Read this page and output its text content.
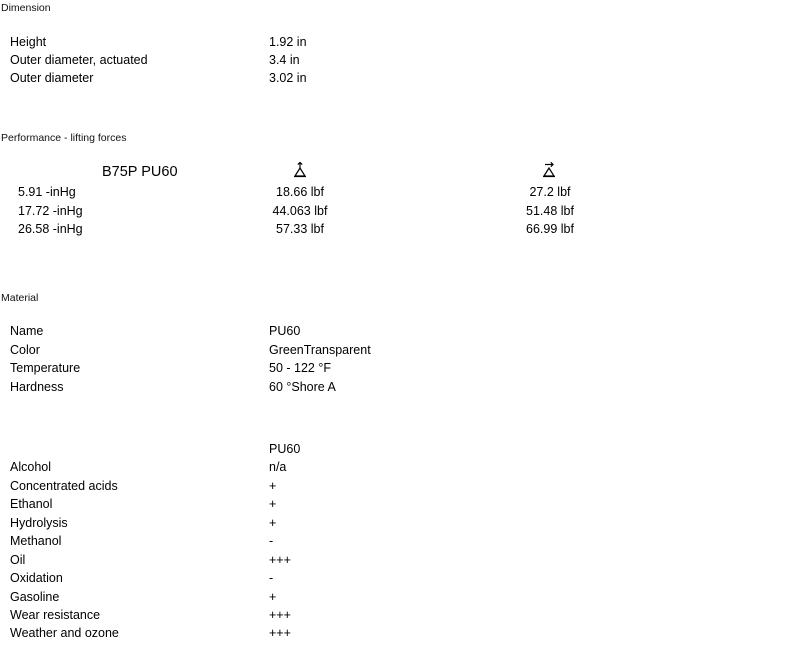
Dimension
Height	1.92 in
Outer diameter, actuated	3.4 in
Outer diameter	3.02 in
Performance - lifting forces
B75P PU60
5.91 -inHg	18.66 lbf	27.2 lbf
17.72 -inHg	44.063 lbf	51.48 lbf
26.58 -inHg	57.33 lbf	66.99 lbf
Material
Name	PU60
Color	GreenTransparent
Temperature	50 - 122 °F
Hardness	60 °Shore A
PU60
Alcohol	n/a
Concentrated acids	+
Ethanol	+
Hydrolysis	+
Methanol	-
Oil	+++
Oxidation	-
Gasoline	+
Wear resistance	+++
Weather and ozone	+++
